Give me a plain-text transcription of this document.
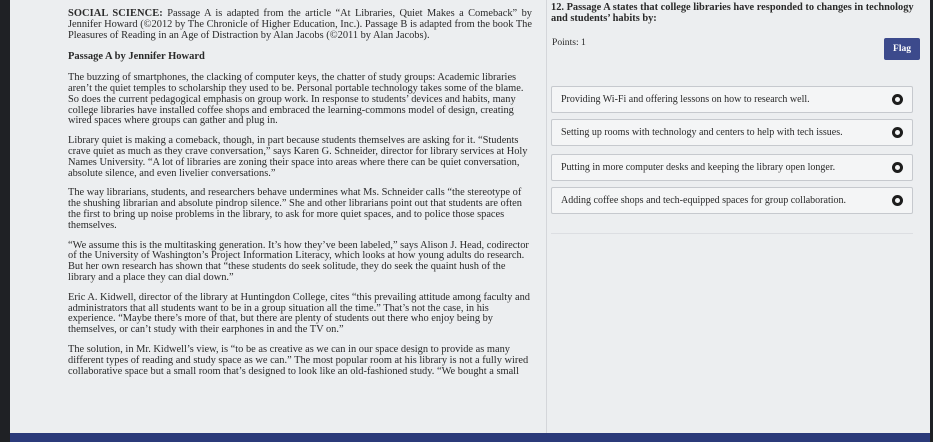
SOCIAL SCIENCE: Passage A is adapted from the article “At Libraries, Quiet Makes a Comeback” by Jennifer Howard (©2012 by The Chronicle of Higher Education, Inc.). Passage B is adapted from the book The Pleasures of Reading in an Age of Distraction by Alan Jacobs (©2011 by Alan Jacobs).

Passage A by Jennifer Howard

The buzzing of smartphones, the clacking of computer keys, the chatter of study groups: Academic libraries aren’t the quiet temples to scholarship they used to be. Personal portable technology takes some of the blame. So does the current pedagogical emphasis on group work. In response to students’ devices and habits, many college libraries have installed coffee shops and embraced the learning-commons model of design, creating wired spaces where groups can gather and plug in.

Library quiet is making a comeback, though, in part because students themselves are asking for it. “Students crave quiet as much as they crave conversation,” says Karen G. Schneider, director for library services at Holy Names University. “A lot of libraries are zoning their space into areas where there can be quiet conversation, absolute silence, and even livelier conversations.”

The way librarians, students, and researchers behave undermines what Ms. Schneider calls “the stereotype of the shushing librarian and absolute pindrop silence.” She and other librarians point out that students are often the first to bring up noise problems in the library, to ask for more quiet spaces, and to police those spaces themselves.

“We assume this is the multitasking generation. It’s how they’ve been labeled,” says Alison J. Head, codirector of the University of Washington’s Project Information Literacy, which looks at how young adults do research. But her own research has shown that “these students do seek solitude, they do seek the quaint hush of the library and a place they can dial down.”

Eric A. Kidwell, director of the library at Huntingdon College, cites “this prevailing attitude among faculty and administrators that all students want to be in a group situation all the time.” That’s not the case, in his experience. “Maybe there’s more of that, but there are plenty of students out there who enjoy being by themselves, or can’t study with their earphones in and the TV on.”

The solution, in Mr. Kidwell’s view, is “to be as creative as we can in our space design to provide as many different types of reading and study space as we can.” The most popular room at his library is not a fully wired collaborative space but a small room that’s designed to look like an old-fashioned study. “We bought a small

12. Passage A states that college libraries have responded to changes in technology and students’ habits by:
Points: 1
Flag
Providing Wi-Fi and offering lessons on how to research well.
Setting up rooms with technology and centers to help with tech issues.
Putting in more computer desks and keeping the library open longer.
Adding coffee shops and tech-equipped spaces for group collaboration.
